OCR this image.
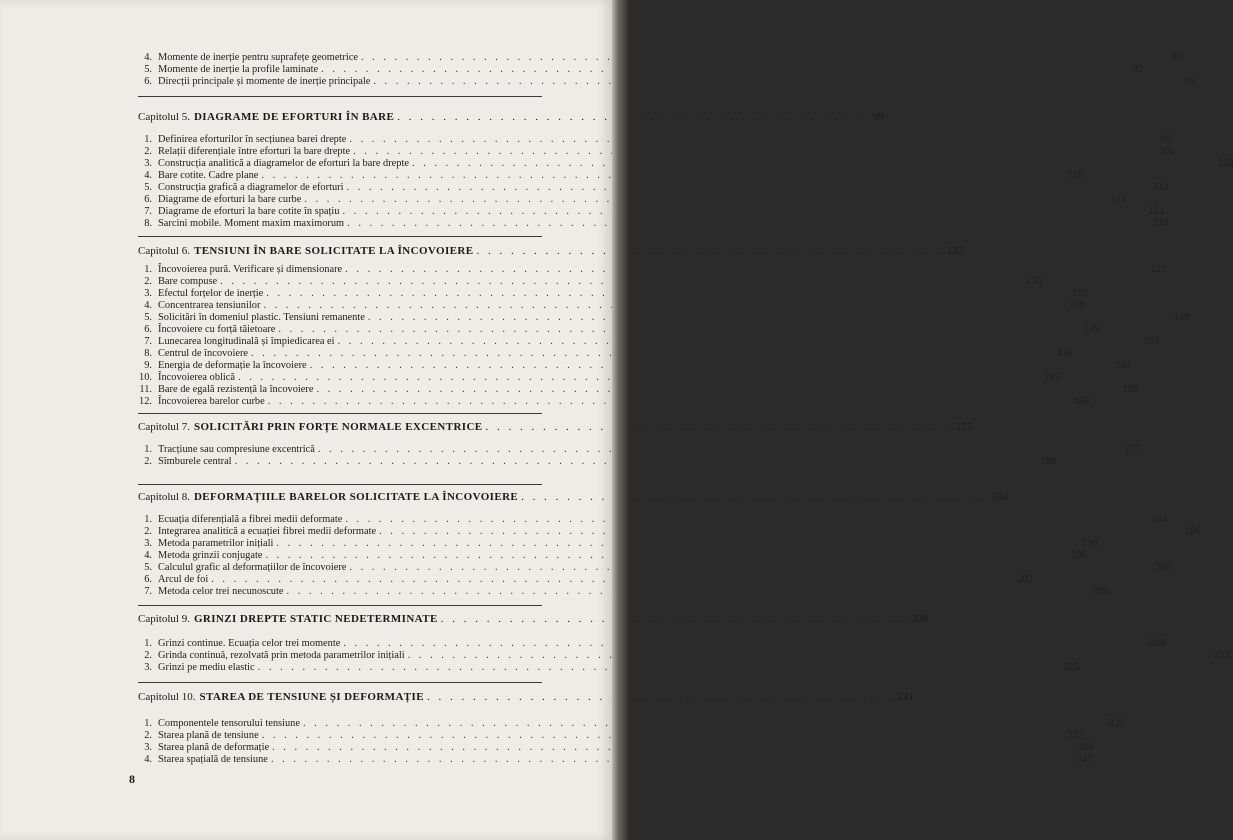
4. Momente de inerție pentru suprafețe geometrice . . .	89
5. Momente de inerție la profile laminate . . .	92
6. Direcții principale și momente de inerție principale . . .	95
Capitolul 5. DIAGRAME DE EFORTURI ÎN BARE . . .	99
1. Definirea eforturilor în secțiunea barei drepte . . .	99
2. Relații diferențiale între eforturi la bare drepte . . .	101
3. Construcția analitică a diagramelor de eforturi la bare drepte . . .	103
4. Bare cotite. Cadre plane . . .	116
5. Construcția grafică a diagramelor de eforturi . . .	119
6. Diagrame de eforturi la bare curbe . . .	121
7. Diagrame de eforturi la bare cotite în spațiu . . .	124
8. Sarcini mobile. Moment maxim maximorum . . .	124
Capitolul 6. TENSIUNI ÎN BARE SOLICITATE LA ÎNCOVOIERE . . .	127
1. Încovoierea pură. Verificare și dimensionare . . .	127
2. Bare compuse . . .	136
3. Efectul forțelor de inerție . . .	137
4. Concentrarea tensiunilor . . .	139
5. Solicitări în domeniul plastic. Tensiuni remanente . . .	140
6. Încovoiere cu forță tăietoare . . .	149
7. Lunecarea longitudinală și împiedicarea ei . . .	153
8. Centrul de încovoiere . . .	159
9. Energia de deformație la încovoiere . . .	164
10. Încovoierea oblică . . .	165
11. Bare de egală rezistență la încovoiere . . .	166
12. Încovoierea barelor curbe . . .	168
Capitolul 7. SOLICITĂRI PRIN FORȚE NORMALE EXCENTRICE . . .	177
1. Tracțiune sau compresiune excentrică . . .	177
2. Sîmburele central . . .	180
Capitolul 8. DEFORMAȚIILE BARELOR SOLICITATE LA ÎNCOVOIERE . . .	184
1. Ecuația diferențială a fibrei medii deformate . . .	184
2. Integrarea analitică a ecuației fibrei medii deformate . . .	186
3. Metoda parametrilor inițiali . . .	190
4. Metoda grinzii conjugate . . .	196
5. Calculul grafic al deformațiilor de încovoiere . . .	200
6. Arcul de foi . . .	202
7. Metoda celor trei necunoscute . . .	204
Capitolul 9. GRINZI DREPTE STATIC NEDETERMINATE . . .	208
1. Grinzi continue. Ecuația celor trei momente . . .	208
2. Grinda continuă, rezolvată prin metoda parametrilor inițiali . . .	222
3. Grinzi pe mediu elastic . . .	225
Capitolul 10. STAREA DE TENSIUNE ȘI DEFORMAȚIE . . .	231
1. Componentele tensorului tensiune . . .	231
2. Starea plană de tensiune . . .	232
3. Starea plană de deformație . . .	240
4. Starea spațială de tensiune . . .	241
8
